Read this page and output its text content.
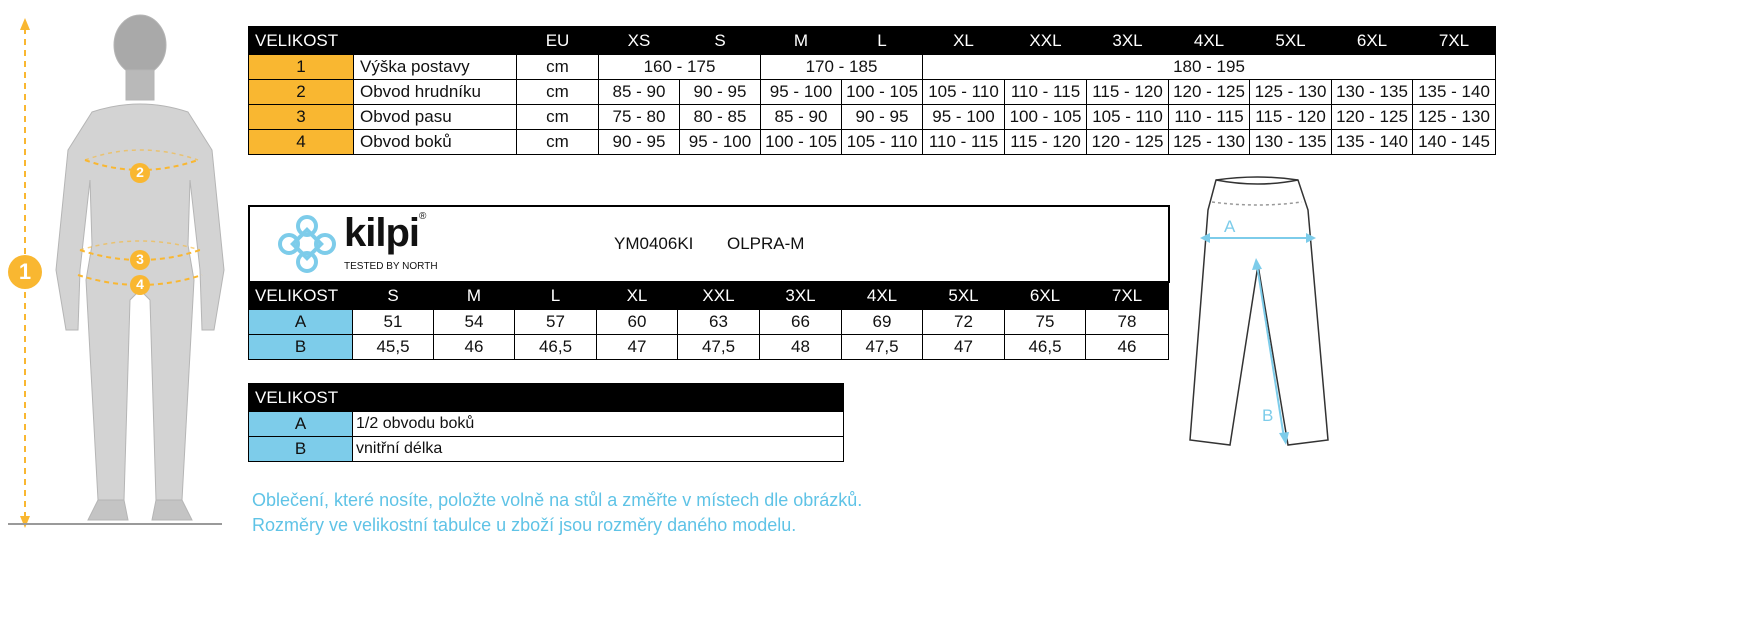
1
2
3
4
VELIKOST		EU	XS	S	M	L	XL	XXL	3XL	4XL	5XL	6XL	7XL
1	Výška postavy	cm	160 - 175		170 - 185		180 - 195						
2	Obvod hrudníku	cm	85 - 90	90 - 95	95 - 100	100 - 105	105 - 110	110 - 115	115 - 120	120 - 125	125 - 130	130 - 135	135 - 140
3	Obvod pasu	cm	75 - 80	80 - 85	85 - 90	90 - 95	95 - 100	100 - 105	105 - 110	110 - 115	115 - 120	120 - 125	125 - 130
4	Obvod boků	cm	90 - 95	95 - 100	100 - 105	105 - 110	110 - 115	115 - 120	120 - 125	125 - 130	130 - 135	135 - 140	140 - 145
kilpi®
TESTED BY NORTH
YM0406KI OLPRA-M
VELIKOST	S	M	L	XL	XXL	3XL	4XL	5XL	6XL	7XL
A	51	54	57	60	63	66	69	72	75	78
B	45,5	46	46,5	47	47,5	48	47,5	47	46,5	46
VELIKOST	
A	1/2 obvodu boků
B	vnitřní délka
A
B
Oblečení, které nosíte, položte volně na stůl a změřte v místech dle obrázků.
Rozměry ve velikostní tabulce u zboží jsou rozměry daného modelu.
